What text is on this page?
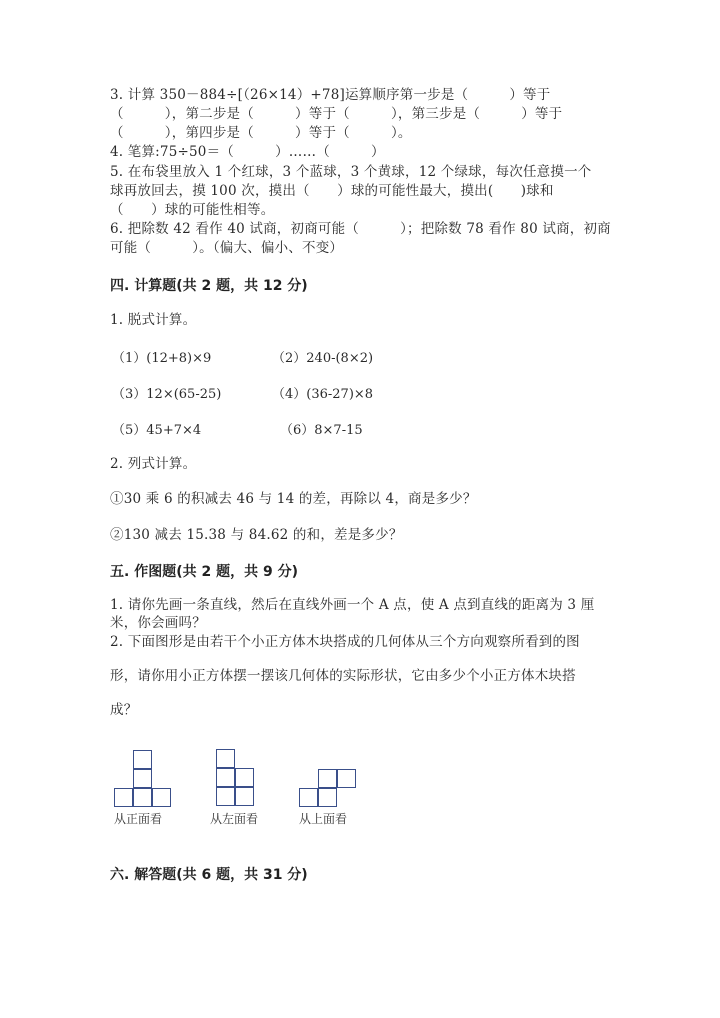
3. 计算 350－884÷[（26×14）+78]运算顺序第一步是（　　　）等于
（　　　），第二步是（　　　）等于（　　　），第三步是（　　　）等于
（　　　），第四步是（　　　）等于（　　　）。
4. 笔算:75÷50＝（　　　）……（　　　）
5. 在布袋里放入 1 个红球，3 个蓝球，3 个黄球，12 个绿球，每次任意摸一个
球再放回去，摸 100 次，摸出（　　）球的可能性最大，摸出(　　)球和
（　　）球的可能性相等。
6. 把除数 42 看作 40 试商，初商可能（　　　）；把除数 78 看作 80 试商，初商
可能（　　　）。（偏大、偏小、不变）
四. 计算题(共 2 题，共 12 分)
1. 脱式计算。
（1）(12+8)×9	（2）240-(8×2)
（3）12×(65-25)	（4）(36-27)×8
（5）45+7×4	（6）8×7-15
2. 列式计算。
①30 乘 6 的积减去 46 与 14 的差，再除以 4，商是多少？
②130 减去 15.38 与 84.62 的和，差是多少？
五. 作图题(共 2 题，共 9 分)
1. 请你先画一条直线，然后在直线外画一个 A 点，使 A 点到直线的距离为 3 厘
米，你会画吗？
2. 下面图形是由若干个小正方体木块搭成的几何体从三个方向观察所看到的图
形，请你用小正方体摆一摆该几何体的实际形状，它由多少个小正方体木块搭
成？
从正面看	从左面看	从上面看
六. 解答题(共 6 题，共 31 分)
